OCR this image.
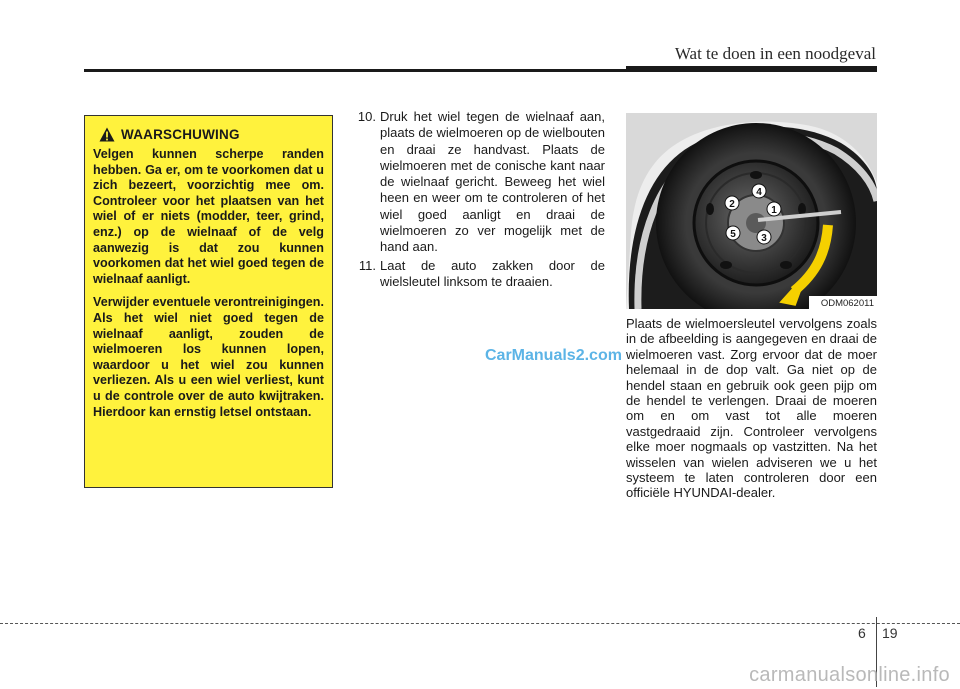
Wat te doen in een noodgeval
WAARSCHUWING

Velgen kunnen scherpe randen hebben. Ga er, om te voorkomen dat u zich bezeert, voorzichtig mee om. Controleer voor het plaatsen van het wiel of er niets (modder, teer, grind, enz.) op de wielnaaf of de velg aanwezig is dat zou kunnen voorkomen dat het wiel goed tegen de wielnaaf aanligt.

Verwijder eventuele verontreinigingen. Als het wiel niet goed tegen de wielnaaf aanligt, zouden de wielmoeren los kunnen lopen, waardoor u het wiel zou kunnen verliezen. Als u een wiel verliest, kunt u de controle over de auto kwijtraken. Hierdoor kan ernstig letsel ontstaan.

10. Druk het wiel tegen de wielnaaf aan, plaats de wielmoeren op de wielbouten en draai ze handvast. Plaats de wielmoeren met de conische kant naar de wielnaaf gericht. Beweeg het wiel heen en weer om te controleren of het wiel goed aanligt en draai de wielmoeren zo ver mogelijk met de hand aan.
11. Laat de auto zakken door de wielsleutel linksom te draaien.
1
2
3
4
5
ODM062011
Plaats de wielmoersleutel vervolgens zoals in de afbeelding is aangegeven en draai de wielmoeren vast. Zorg ervoor dat de moer helemaal in de dop valt. Ga niet op de hendel staan en gebruik ook geen pijp om de hendel te verlengen. Draai de moeren om en om vast tot alle moeren vastgedraaid zijn. Controleer vervolgens elke moer nogmaals op vastzitten. Na het wisselen van wielen adviseren we u het systeem te laten controleren door een officiële HYUNDAI-dealer.
CarManuals2.com
6 19
carmanualsonline.info
